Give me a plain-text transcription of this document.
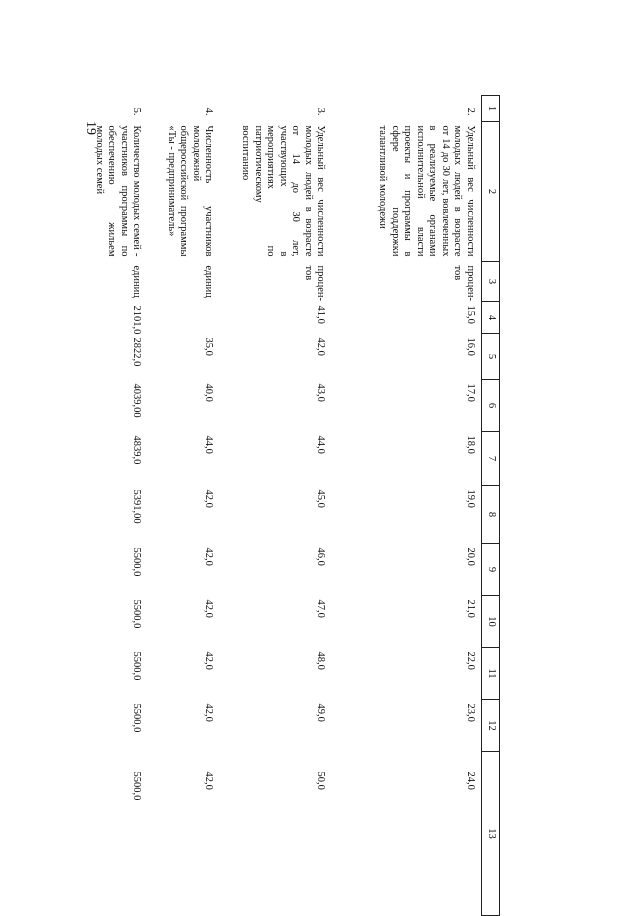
19
1	2	3	4	5	6	7	8	9	10	11	12	13
2.	Удельный вес численности молодых людей в возрасте от 14 до 30 лет, вовлеченных в реализуемые органами исполнительной власти проекты и программы в сфере поддержки талантливой молодежи	процен-тов	15,0	16,0	17,0	18,0	19,0	20,0	21,0	22,0	23,0	24,0
3.	Удельный вес численности молодых людей в возрасте от 14 до 30 лет, участвующих в мероприятиях по патриотическому воспитанию	процен-тов	41,0	42,0	43,0	44,0	45,0	46,0	47,0	48,0	49,0	50,0
4.	Численность участников молодежной общероссийской программы «Ты - предприниматель»	единиц		35,0	40,0	44,0	42,0	42,0	42,0	42,0	42,0	42,0
5.	Количество молодых семей - участников программы по обеспечению жильем молодых семей	единиц	2101,0	2822,0	4039,00	4839,0	5391,00	5500,0	5500,0	5500,0	5500,0	5500,0
